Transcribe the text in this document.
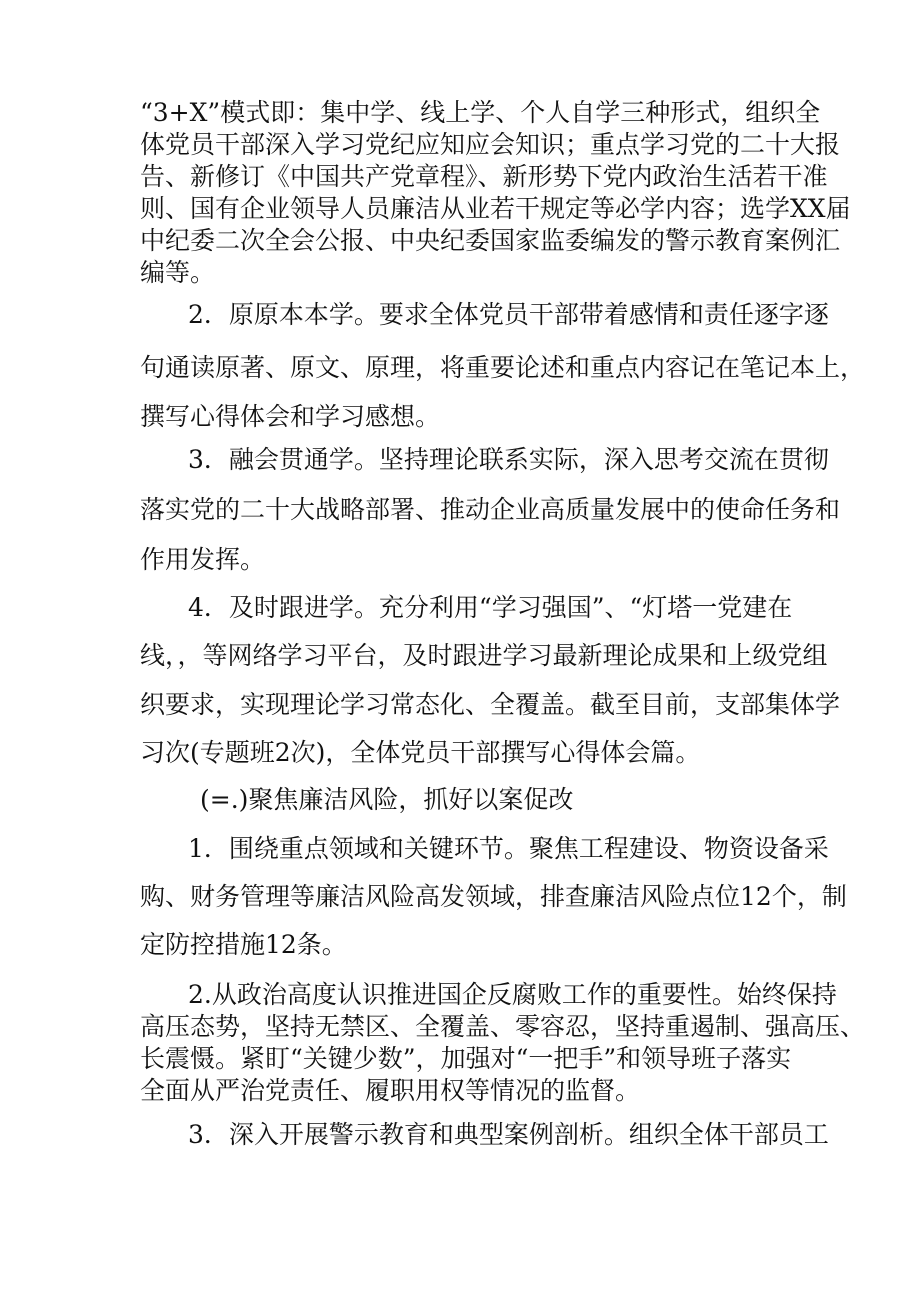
“3+X”模式即：集中学、线上学、个人自学三种形式，组织全
体党员干部深入学习党纪应知应会知识；重点学习党的二十大报
告、新修订《中国共产党章程》、新形势下党内政治生活若干准
则、国有企业领导人员廉洁从业若干规定等必学内容；选学XX届
中纪委二次全会公报、中央纪委国家监委编发的警示教育案例汇
编等。
2．原原本本学。要求全体党员干部带着感情和责任逐字逐
句通读原著、原文、原理，将重要论述和重点内容记在笔记本上，
撰写心得体会和学习感想。
3．融会贯通学。坚持理论联系实际，深入思考交流在贯彻
落实党的二十大战略部署、推动企业高质量发展中的使命任务和
作用发挥。
4．及时跟进学。充分利用“学习强国”、“灯塔一党建在
线，，等网络学习平台，及时跟进学习最新理论成果和上级党组
织要求，实现理论学习常态化、全覆盖。截至目前，支部集体学
习次(专题班2次)，全体党员干部撰写心得体会篇。
(=.)聚焦廉洁风险，抓好以案促改
1．围绕重点领域和关键环节。聚焦工程建设、物资设备采
购、财务管理等廉洁风险高发领域，排查廉洁风险点位12个，制
定防控措施12条。
2.从政治高度认识推进国企反腐败工作的重要性。始终保持
高压态势，坚持无禁区、全覆盖、零容忍，坚持重遏制、强高压、
长震慑。紧盯“关键少数”，加强对“一把手”和领导班子落实
全面从严治党责任、履职用权等情况的监督。
3．深入开展警示教育和典型案例剖析。组织全体干部员工
